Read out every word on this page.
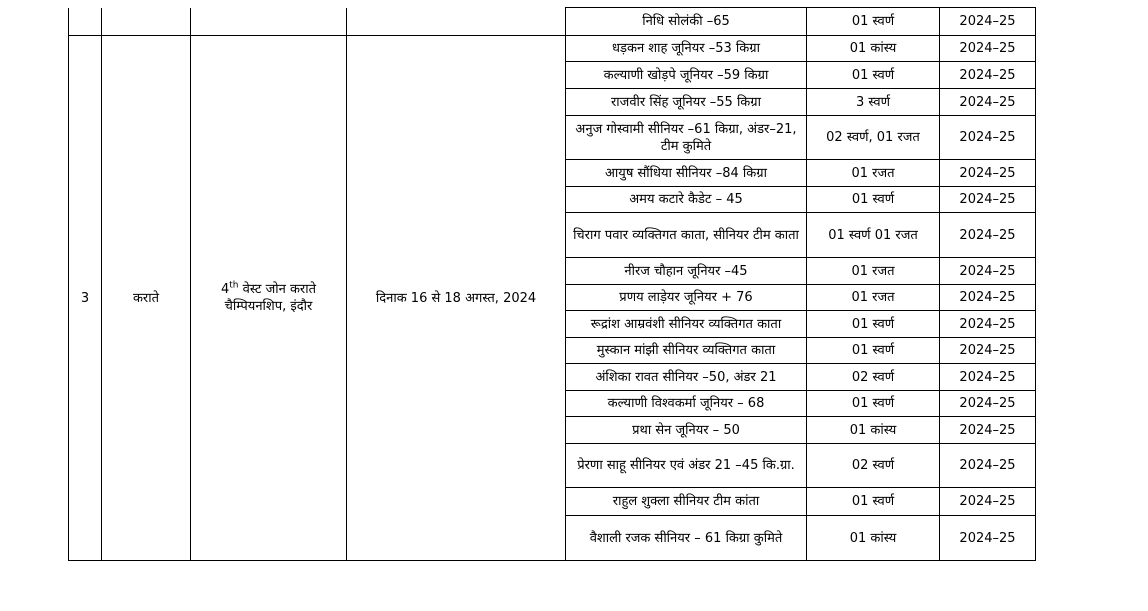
				निधि सोलंकी –65	01 स्वर्ण	2024–25
3	कराते	4th वेस्ट जोन कराते चैम्पियनशिप, इंदौर	दिनाक 16 से 18 अगस्त, 2024	धड़कन शाह जूनियर –53 किग्रा	01 कांस्य	2024–25
				कल्याणी खोड़पे जूनियर –59 किग्रा	01 स्वर्ण	2024–25
				राजवीर सिंह जूनियर –55 किग्रा	3 स्वर्ण	2024–25
				अनुज गोस्वामी सीनियर –61 किग्रा, अंडर–21, टीम कुमिते	02 स्वर्ण, 01 रजत	2024–25
				आयुष सौंधिया सीनियर –84 किग्रा	01 रजत	2024–25
				अमय कटारे कैडेट – 45	01 स्वर्ण	2024–25
				चिराग पवार व्यक्तिगत काता, सीनियर टीम काता	01 स्वर्ण 01 रजत	2024–25
				नीरज चौहान जूनियर –45	01 रजत	2024–25
				प्रणय लाड़ेयर जूनियर + 76	01 रजत	2024–25
				रूद्रांश आम्रवंशी सीनियर व्यक्तिगत काता	01 स्वर्ण	2024–25
				मुस्कान मांझी सीनियर व्यक्तिगत काता	01 स्वर्ण	2024–25
				अंशिका रावत सीनियर –50, अंडर 21	02 स्वर्ण	2024–25
				कल्याणी विश्वकर्मा जूनियर – 68	01 स्वर्ण	2024–25
				प्रथा सेन जूनियर – 50	01 कांस्य	2024–25
				प्रेरणा साहू सीनियर एवं अंडर 21 –45 कि.ग्रा.	02 स्वर्ण	2024–25
				राहुल शुक्ला सीनियर टीम कांता	01 स्वर्ण	2024–25
				वैशाली रजक सीनियर – 61 किग्रा कुमिते	01 कांस्य	2024–25
